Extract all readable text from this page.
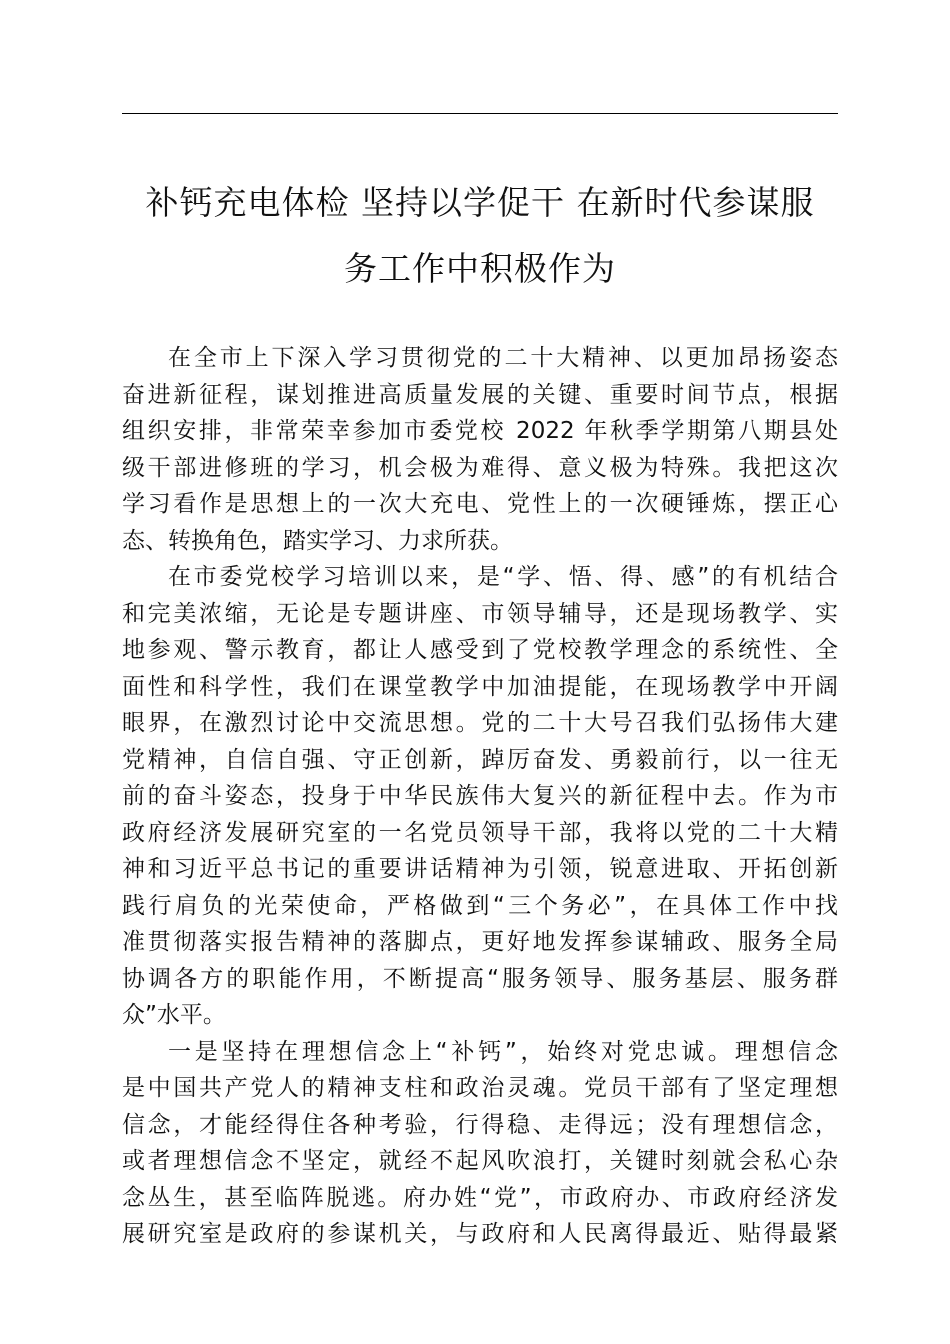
补钙充电体检 坚持以学促干 在新时代参谋服
务工作中积极作为

在全市上下深入学习贯彻党的二十大精神、以更加昂扬姿态
奋进新征程，谋划推进高质量发展的关键、重要时间节点，根据
组织安排，非常荣幸参加市委党校 2022 年秋季学期第八期县处
级干部进修班的学习，机会极为难得、意义极为特殊。我把这次
学习看作是思想上的一次大充电、党性上的一次硬锤炼，摆正心
态、转换角色，踏实学习、力求所获。

在市委党校学习培训以来，是“学、悟、得、感”的有机结合
和完美浓缩，无论是专题讲座、市领导辅导，还是现场教学、实
地参观、警示教育，都让人感受到了党校教学理念的系统性、全
面性和科学性，我们在课堂教学中加油提能，在现场教学中开阔
眼界，在激烈讨论中交流思想。党的二十大号召我们弘扬伟大建
党精神，自信自强、守正创新，踔厉奋发、勇毅前行，以一往无
前的奋斗姿态，投身于中华民族伟大复兴的新征程中去。作为市
政府经济发展研究室的一名党员领导干部，我将以党的二十大精
神和习近平总书记的重要讲话精神为引领，锐意进取、开拓创新
践行肩负的光荣使命，严格做到“三个务必”，在具体工作中找
准贯彻落实报告精神的落脚点，更好地发挥参谋辅政、服务全局
协调各方的职能作用，不断提高“服务领导、服务基层、服务群
众”水平。

一是坚持在理想信念上“补钙”，始终对党忠诚。理想信念
是中国共产党人的精神支柱和政治灵魂。党员干部有了坚定理想
信念，才能经得住各种考验，行得稳、走得远；没有理想信念，
或者理想信念不坚定，就经不起风吹浪打，关键时刻就会私心杂
念丛生，甚至临阵脱逃。府办姓“党”，市政府办、市政府经济发
展研究室是政府的参谋机关，与政府和人民离得最近、贴得最紧
